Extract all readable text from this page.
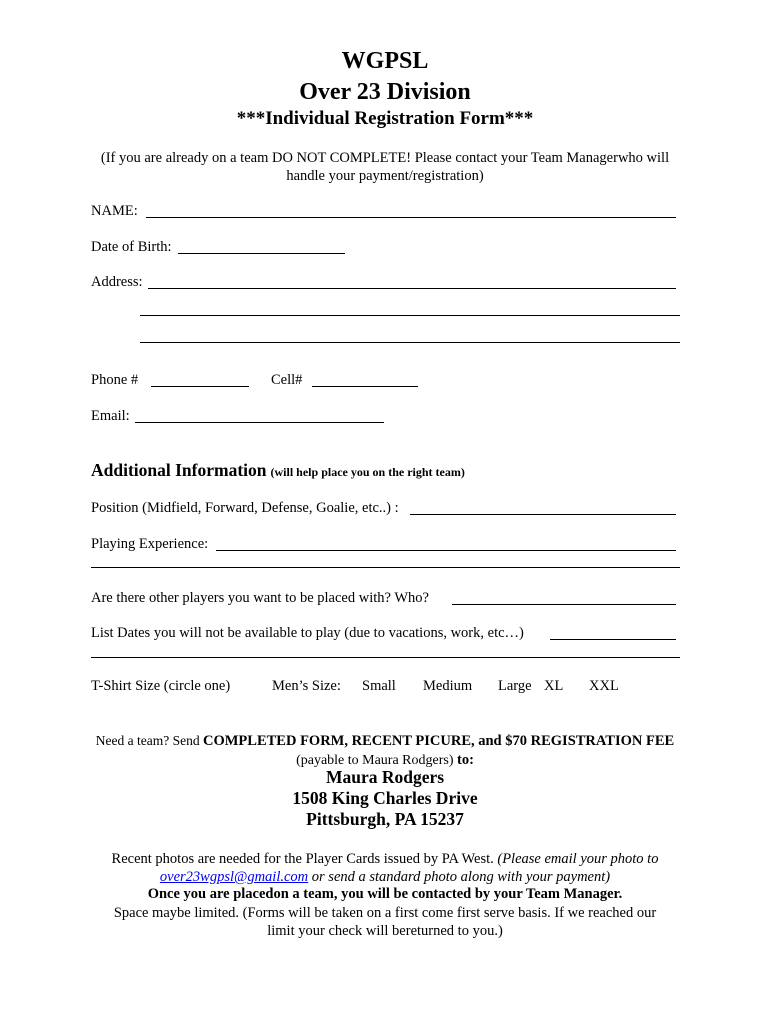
WGPSL
Over 23 Division
***Individual Registration Form***
(If you are already on a team DO NOT COMPLETE! Please contact your Team Managerwho will handle your payment/registration)
NAME:
Date of Birth:
Address:
Phone #	Cell#
Email:
Additional Information (will help place you on the right team)
Position (Midfield, Forward, Defense, Goalie, etc..) :
Playing Experience:
Are there other players you want to be placed with? Who?
List Dates you will not be available to play (due to vacations, work, etc…)
T-Shirt Size (circle one)	Men’s Size: Small Medium Large XL XXL
Need a team? Send COMPLETED FORM, RECENT PICURE, and $70 REGISTRATION FEE (payable to Maura Rodgers) to:
Maura Rodgers
1508 King Charles Drive
Pittsburgh, PA 15237
Recent photos are needed for the Player Cards issued by PA West. (Please email your photo to
over23wgpsl@gmail.com or send a standard photo along with your payment)
Once you are placedon a team, you will be contacted by your Team Manager.
Space maybe limited. (Forms will be taken on a first come first serve basis. If we reached our limit your check will bereturned to you.)
